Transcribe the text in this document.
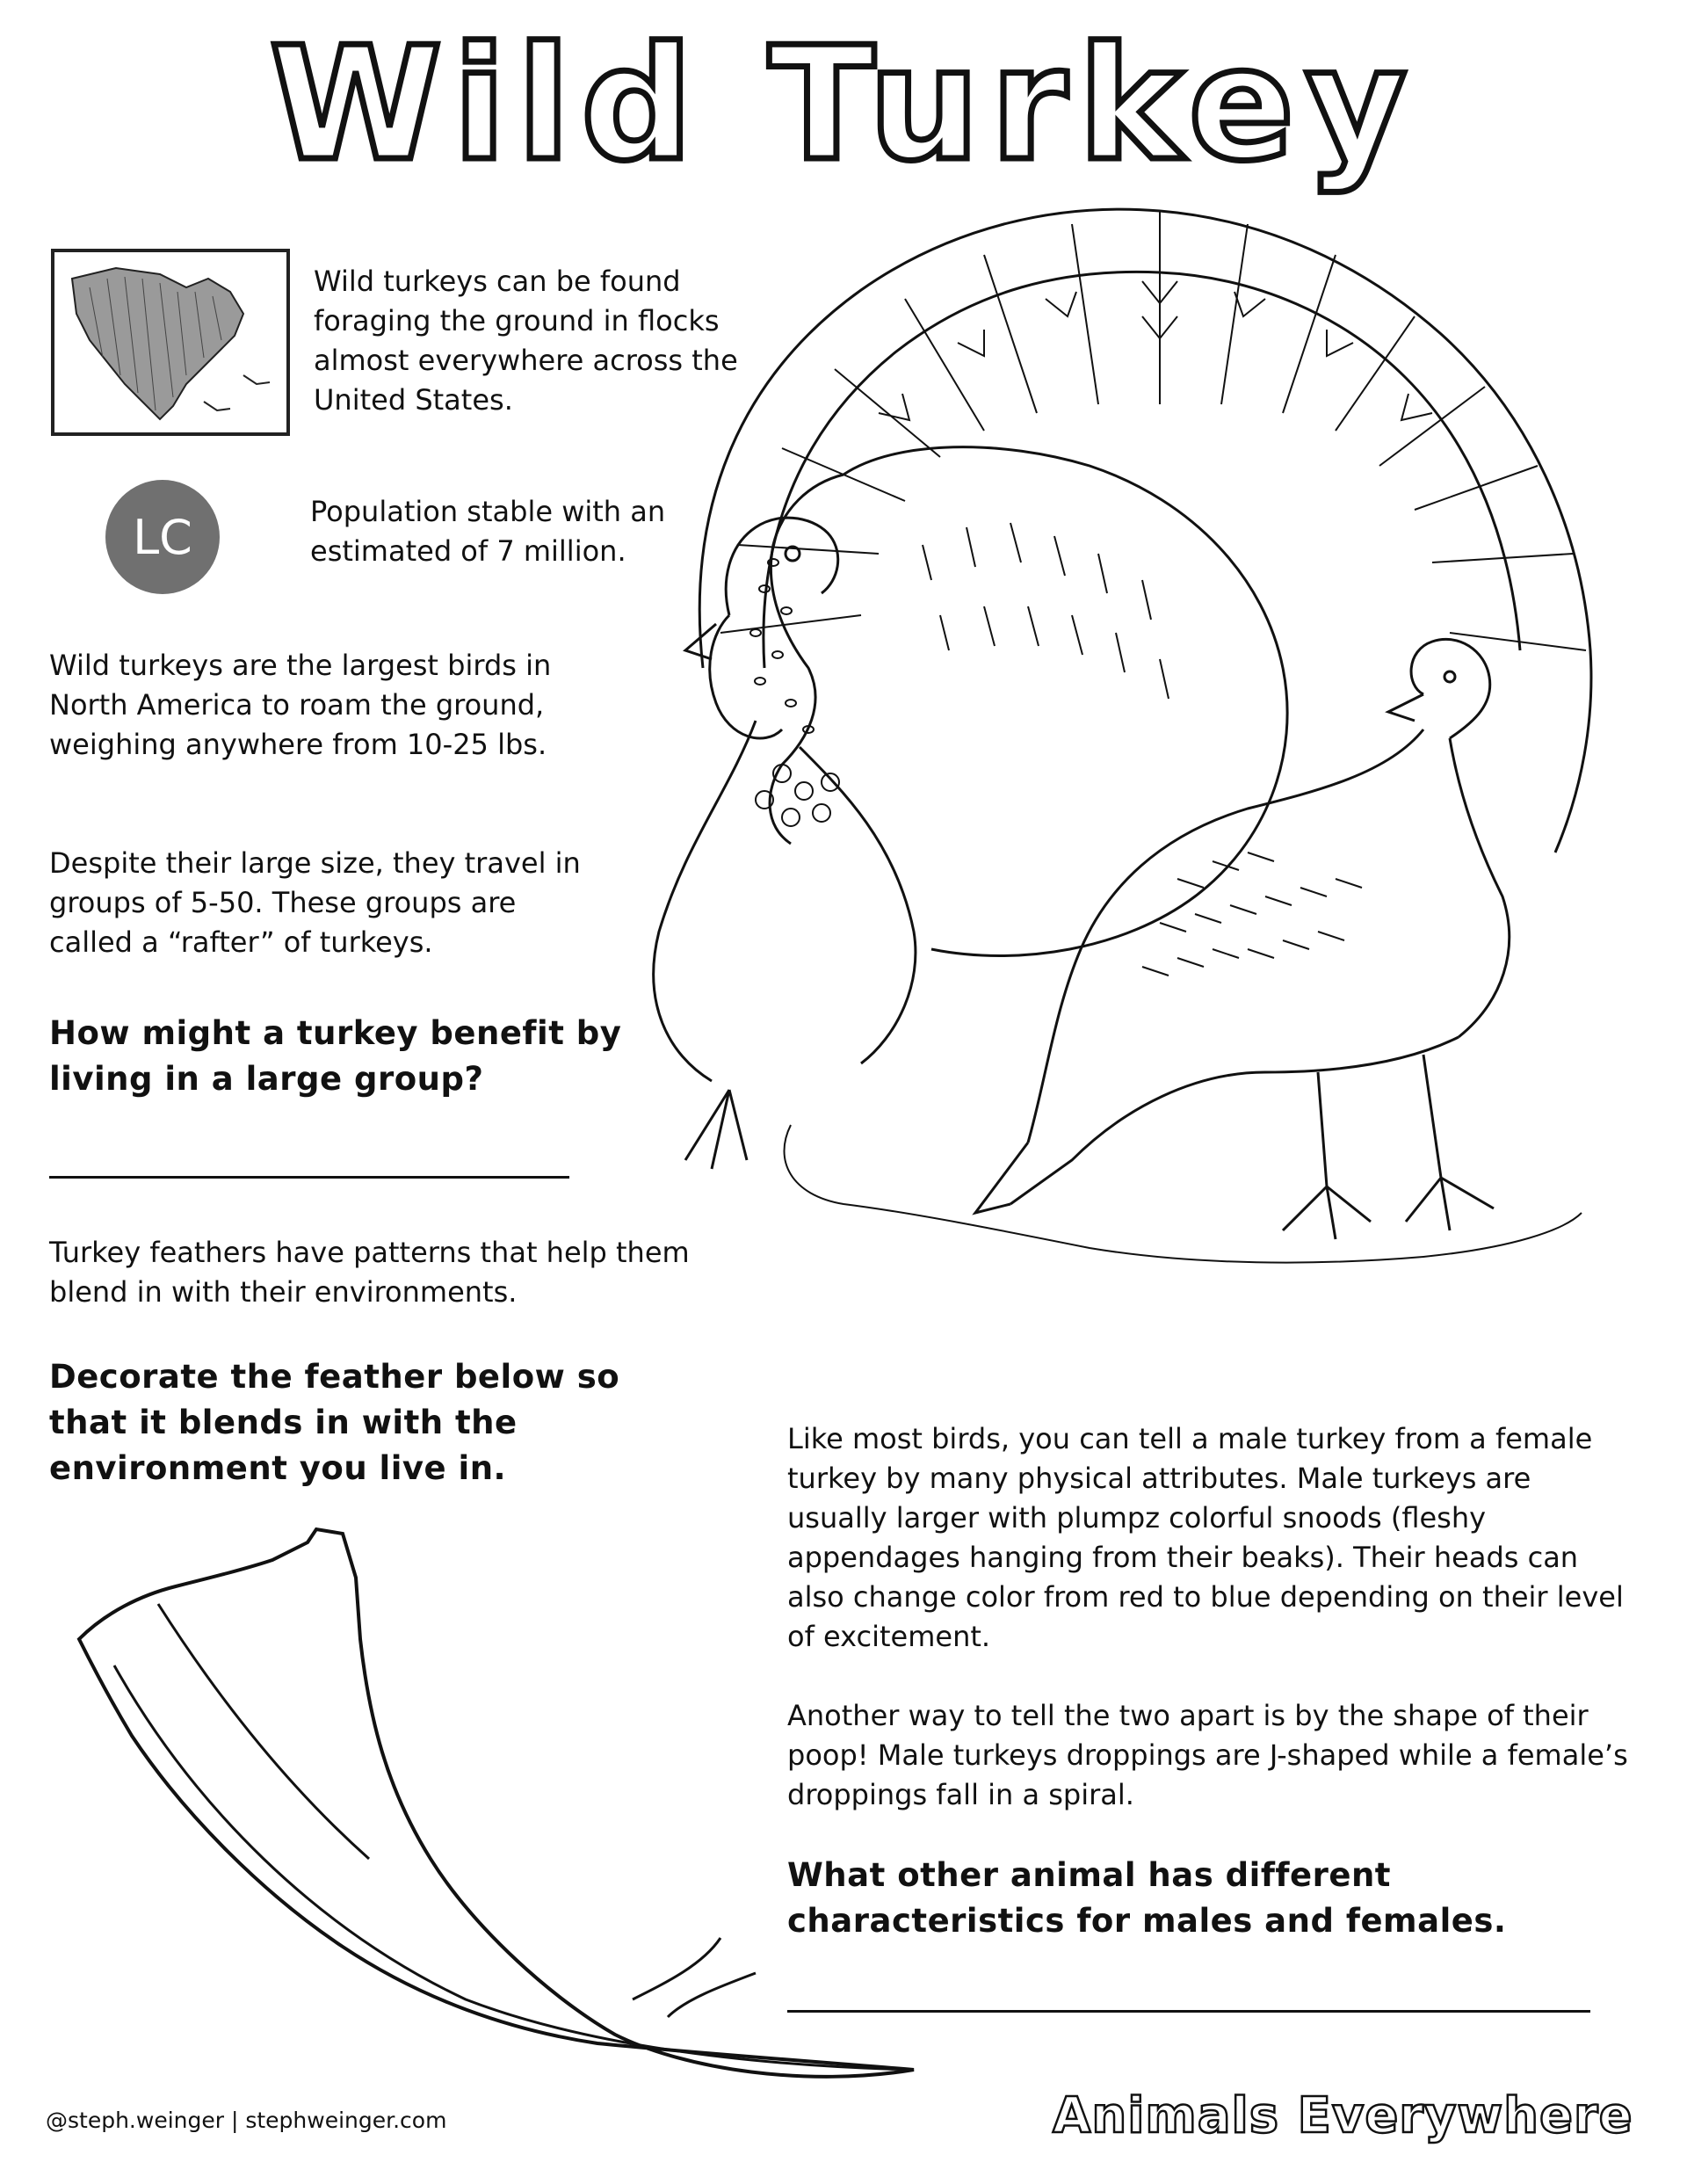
Wild Turkey
Wild turkeys can be found foraging the ground in flocks almost everywhere across the United States.
LC	Population stable with an estimated of 7 million.
Wild turkeys are the largest birds in North America to roam the ground, weighing anywhere from 10-25 lbs.
Despite their large size, they travel in groups of 5-50. These groups are called a “rafter” of turkeys.
How might a turkey benefit by living in a large group?
Turkey feathers have patterns that help them blend in with their environments.
Decorate the feather below so that it blends in with the environment you live in.
Like most birds, you can tell a male turkey from a female turkey by many physical attributes. Male turkeys are usually larger with plumpz colorful snoods (fleshy appendages hanging from their beaks). Their heads can also change color from red to blue depending on their level of excitement.
Another way to tell the two apart is by the shape of their poop! Male turkeys droppings are J-shaped while a female’s droppings fall in a spiral.
What other animal has different characteristics for males and females.
@steph.weinger | stephweinger.com	Animals Everywhere
